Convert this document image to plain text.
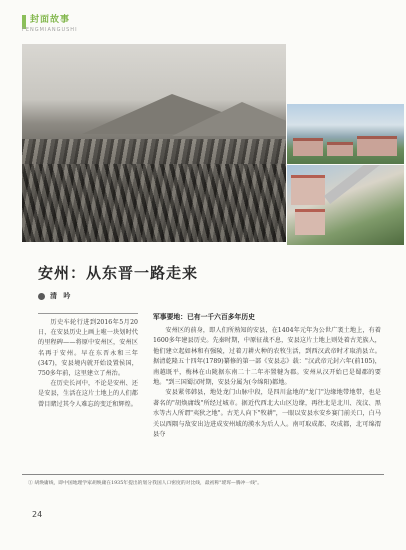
封面故事
FENGMIANGUSHI
安州：从东晋一路走来
清 吟

历史车轮行进到2016年5月20日，在安县历史上画上啦一块划时代的里程碑——将原中安州区，安州区名再于安州。早在东晋永和三年(347)，安县境内就开始设置侯国，750多年前，这里建立了州治。

在历史长河中，不论是安州、还是安县，生活在这片土地上的人们都曾目睹过其令人难忘的变迁和辉煌。

军事要地：已有一千六百多年历史

安州区的前身，即人们所熟知的安县，在1404年元年为公世广袤土地上，有着1600多年建县历史。先秦时期，中原征战不息，安县这片土地上则处着古羌族人，他们建立起如林和有强陵，过着刀耕火种的农牧生活，到西汉武帝时才取消县立。据清乾隆五十四年(1789)纂修的第一部《安县志》载："汉武帝元封六年(前105)，南越既平，梅林在山陇据东南二十二年亦置犍为郡。安州从汉开始已是蜀郡的要地。"到三国蜀汉时期，安县分属为(今绵阳)都地。

安县紧邻韩县，地处龙门山脉中段，是四川盆地的"龙门"边缘地带地带，也是著名的"胡焕庸线"所经过城市。据近代西北大山区边缘，再往北是北川、茂汶、黑水等古人所谓"夷狄之地"。古羌人向下"牧耕"，一眼以安县水安乡赛门前关口，白马关以西隅与敌安出边进成安州域的漢水为后人人。南可取成都、攻成都，北可绵渭县夺

① 胡焕庸线，即中国地理学家胡焕庸在1935年提出的划分我国人口密度的对比线，最初称"瑷珲—腾冲一线"。
24
